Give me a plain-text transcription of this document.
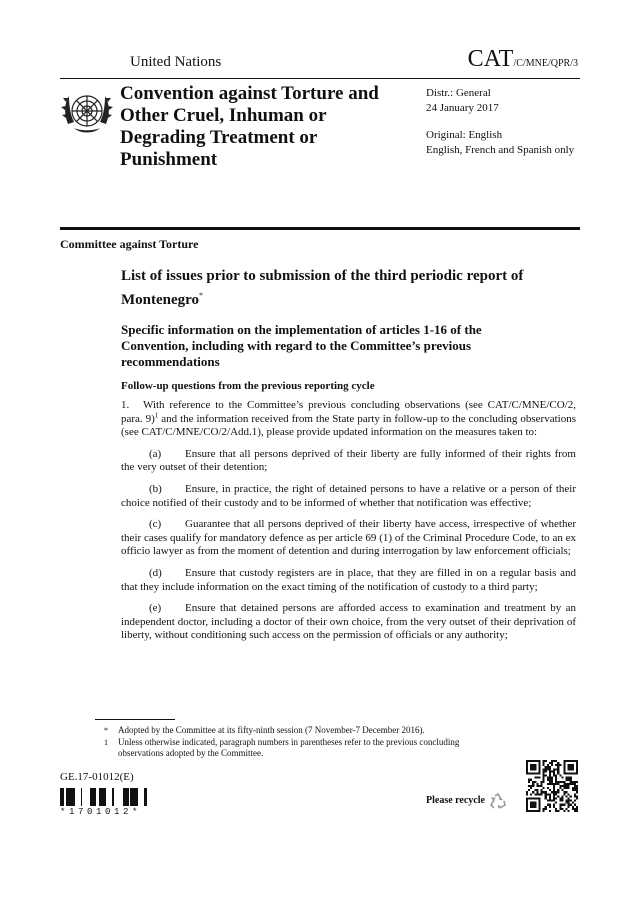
United Nations	CAT/C/MNE/QPR/3
Convention against Torture and Other Cruel, Inhuman or Degrading Treatment or Punishment
Distr.: General
24 January 2017
Original: English
English, French and Spanish only
Committee against Torture
List of issues prior to submission of the third periodic report of Montenegro*
Specific information on the implementation of articles 1-16 of the Convention, including with regard to the Committee’s previous recommendations
Follow-up questions from the previous reporting cycle

1. With reference to the Committee’s previous concluding observations (see CAT/C/MNE/CO/2, para. 9)$^1$ and the information received from the State party in follow-up to the concluding observations (see CAT/C/MNE/CO/2/Add.1), please provide updated information on the measures taken to:

(a) Ensure that all persons deprived of their liberty are fully informed of their rights from the very outset of their detention;

(b) Ensure, in practice, the right of detained persons to have a relative or a person of their choice notified of their custody and to be informed of whether that notification was effective;

(c) Guarantee that all persons deprived of their liberty have access, irrespective of whether their cases qualify for mandatory defence as per article 69 (1) of the Criminal Procedure Code, to an ex officio lawyer as from the moment of detention and during interrogation by law enforcement officials;

(d) Ensure that custody registers are in place, that they are filled in on a regular basis and that they include information on the exact timing of the notification of custody to a third party;

(e) Ensure that detained persons are afforded access to examination and treatment by an independent doctor, including a doctor of their own choice, from the very outset of their deprivation of liberty, without conditioning such access on the permission of officials or any authority;

* Adopted by the Committee at its fifty-ninth session (7 November-7 December 2016).
1 Unless otherwise indicated, paragraph numbers in parentheses refer to the previous concluding observations adopted by the Committee.
GE.17-01012(E)
*1701012*
Please recycle
